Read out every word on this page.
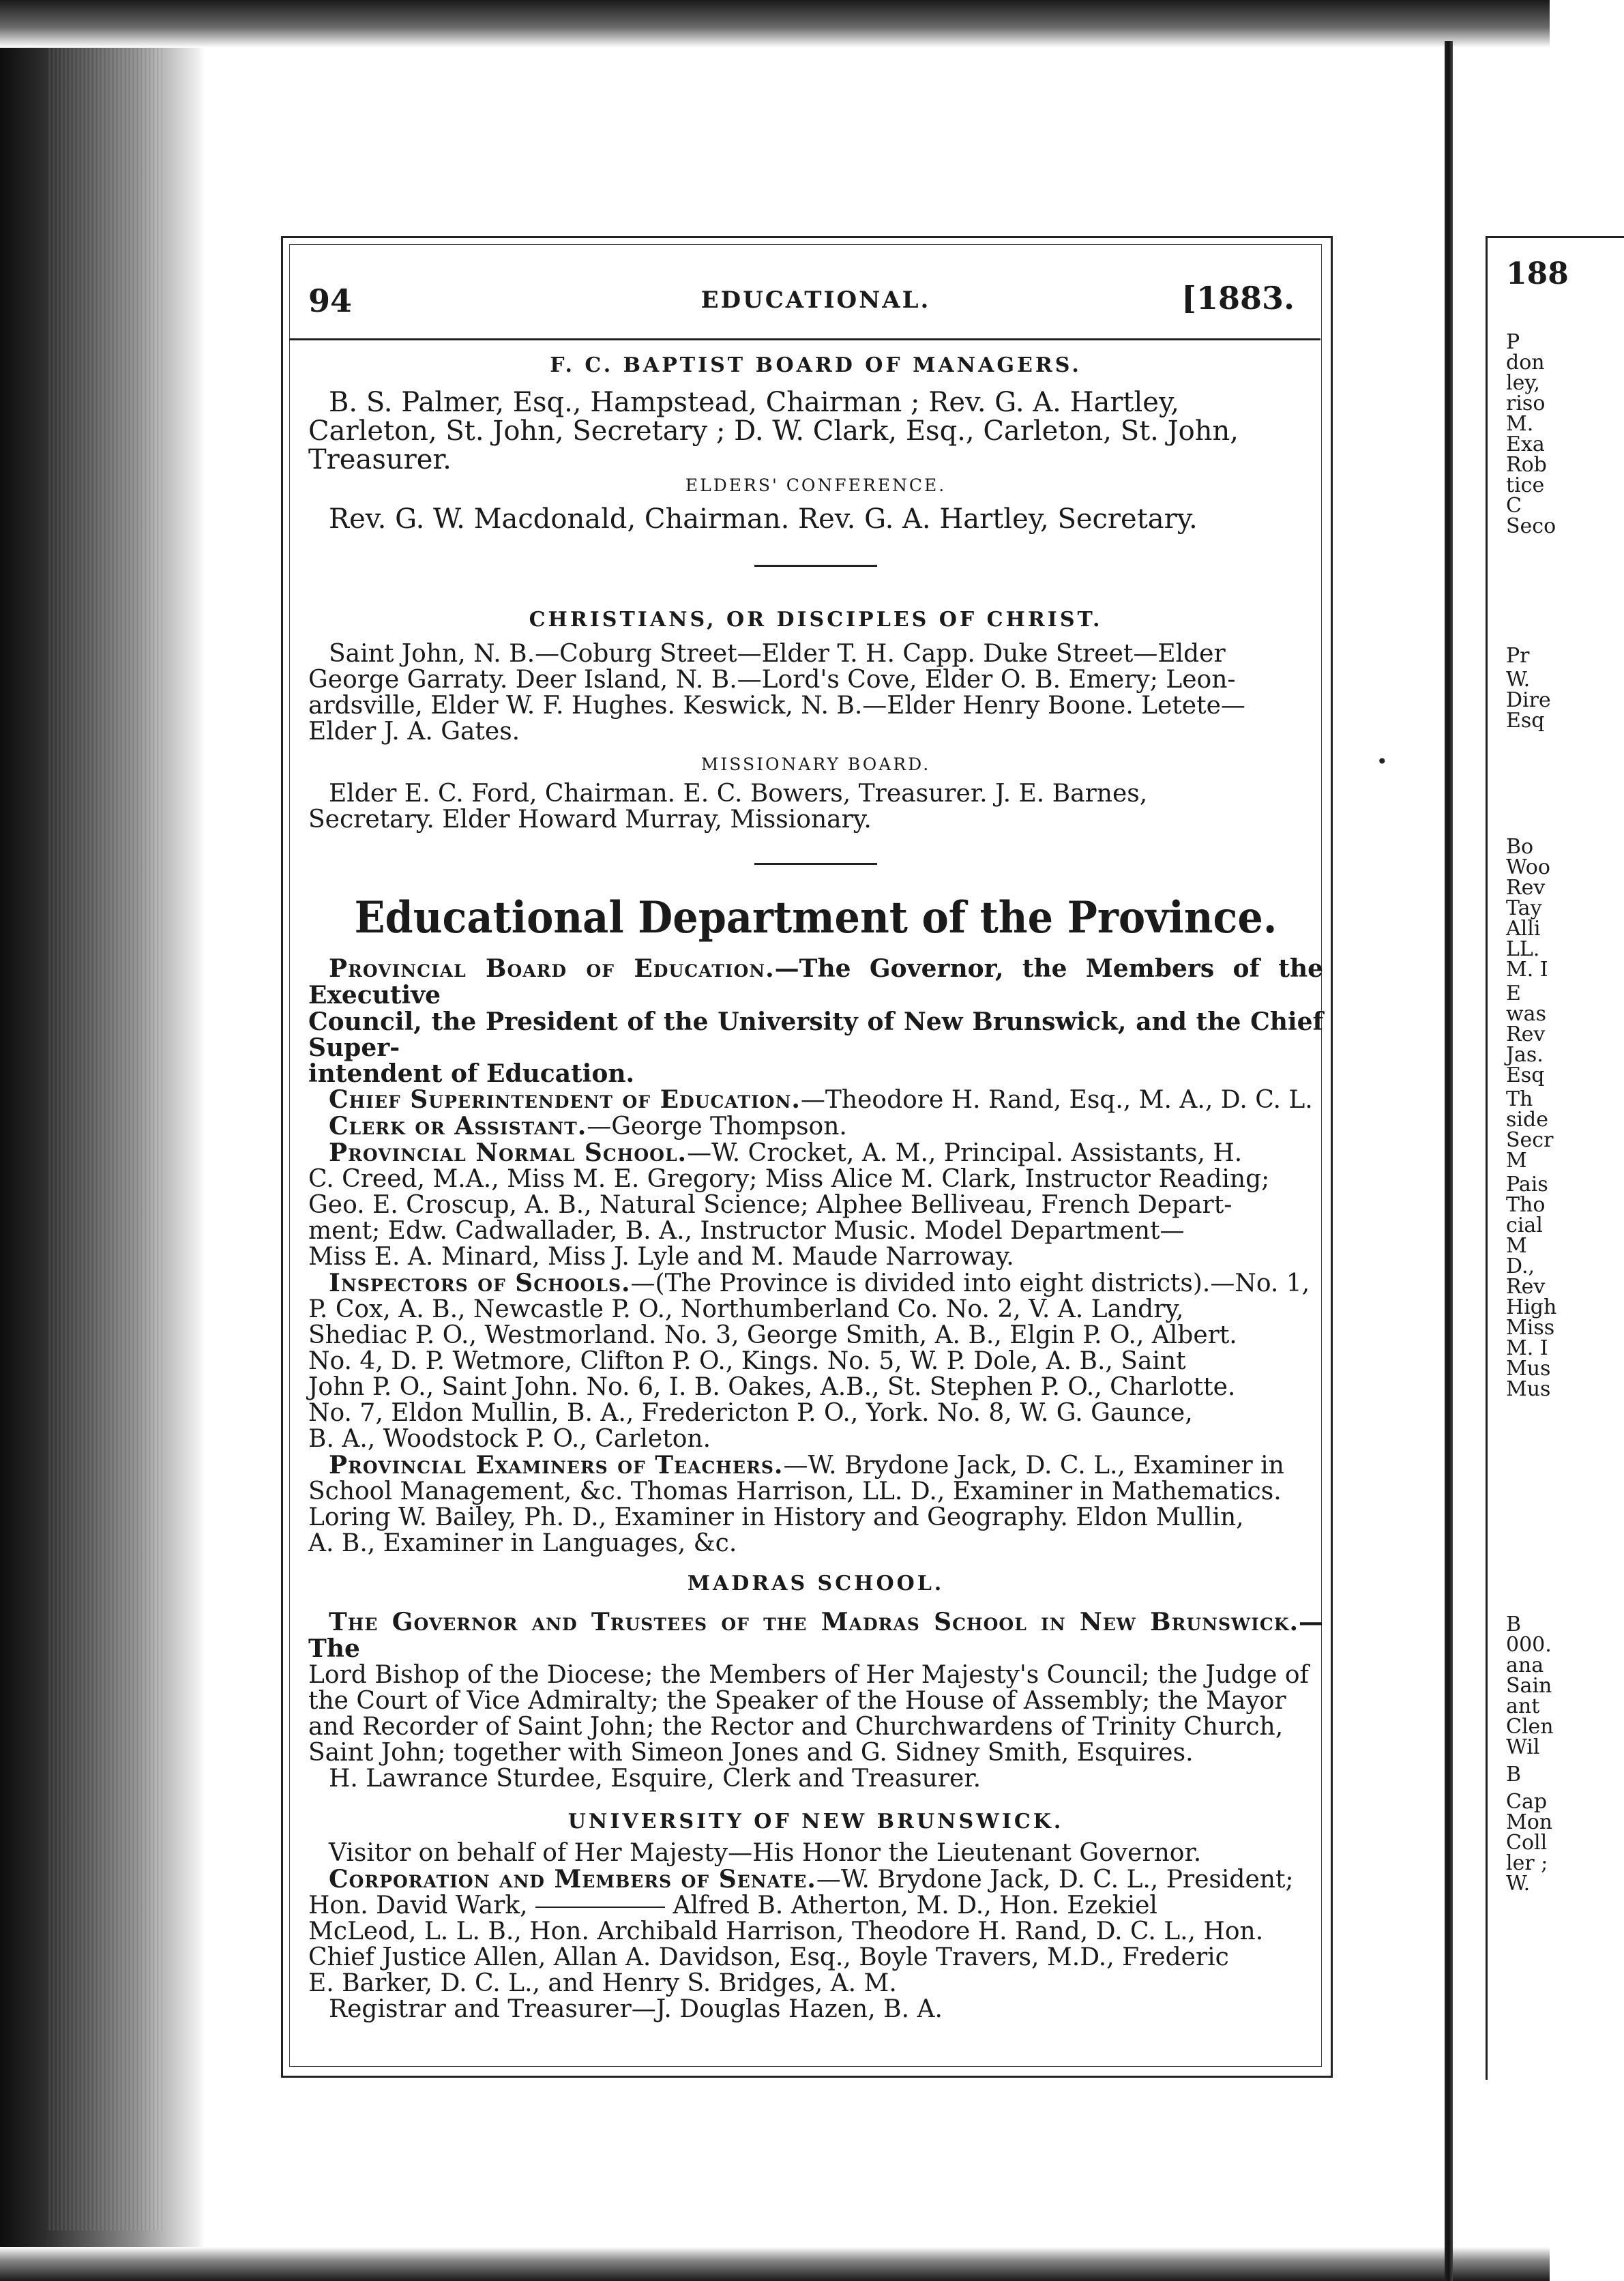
94	EDUCATIONAL.	[1883.

F. C. BAPTIST BOARD OF MANAGERS.

B. S. Palmer, Esq., Hampstead, Chairman ; Rev. G. A. Hartley,

Carleton, St. John, Secretary ; D. W. Clark, Esq., Carleton, St. John,

Treasurer.

ELDERS' CONFERENCE.

Rev. G. W. Macdonald, Chairman. Rev. G. A. Hartley, Secretary.

CHRISTIANS, OR DISCIPLES OF CHRIST.

Saint John, N. B.—Coburg Street—Elder T. H. Capp. Duke Street—Elder

George Garraty. Deer Island, N. B.—Lord's Cove, Elder O. B. Emery; Leon-

ardsville, Elder W. F. Hughes. Keswick, N. B.—Elder Henry Boone. Letete—

Elder J. A. Gates.

MISSIONARY BOARD.

Elder E. C. Ford, Chairman. E. C. Bowers, Treasurer. J. E. Barnes,

Secretary. Elder Howard Murray, Missionary.

Educational Department of the Province.

Provincial Board of Education.—The Governor, the Members of the Executive

Council, the President of the University of New Brunswick, and the Chief Super-

intendent of Education.

Chief Superintendent of Education.—Theodore H. Rand, Esq., M. A., D. C. L.

Clerk or Assistant.—George Thompson.

Provincial Normal School.—W. Crocket, A. M., Principal. Assistants, H.

C. Creed, M.A., Miss M. E. Gregory; Miss Alice M. Clark, Instructor Reading;

Geo. E. Croscup, A. B., Natural Science; Alphee Belliveau, French Depart-

ment; Edw. Cadwallader, B. A., Instructor Music. Model Department—

Miss E. A. Minard, Miss J. Lyle and M. Maude Narroway.

Inspectors of Schools.—(The Province is divided into eight districts).—No. 1,

P. Cox, A. B., Newcastle P. O., Northumberland Co. No. 2, V. A. Landry,

Shediac P. O., Westmorland. No. 3, George Smith, A. B., Elgin P. O., Albert.

No. 4, D. P. Wetmore, Clifton P. O., Kings. No. 5, W. P. Dole, A. B., Saint

John P. O., Saint John. No. 6, I. B. Oakes, A.B., St. Stephen P. O., Charlotte.

No. 7, Eldon Mullin, B. A., Fredericton P. O., York. No. 8, W. G. Gaunce,

B. A., Woodstock P. O., Carleton.

Provincial Examiners of Teachers.—W. Brydone Jack, D. C. L., Examiner in

School Management, &c. Thomas Harrison, LL. D., Examiner in Mathematics.

Loring W. Bailey, Ph. D., Examiner in History and Geography. Eldon Mullin,

A. B., Examiner in Languages, &c.

MADRAS SCHOOL.

The Governor and Trustees of the Madras School in New Brunswick.—The

Lord Bishop of the Diocese; the Members of Her Majesty's Council; the Judge of

the Court of Vice Admiralty; the Speaker of the House of Assembly; the Mayor

and Recorder of Saint John; the Rector and Churchwardens of Trinity Church,

Saint John; together with Simeon Jones and G. Sidney Smith, Esquires.

H. Lawrance Sturdee, Esquire, Clerk and Treasurer.

UNIVERSITY OF NEW BRUNSWICK.

Visitor on behalf of Her Majesty—His Honor the Lieutenant Governor.

Corporation and Members of Senate.—W. Brydone Jack, D. C. L., President;

Hon. David Wark,	Alfred B. Atherton, M. D., Hon. Ezekiel

McLeod, L. L. B., Hon. Archibald Harrison, Theodore H. Rand, D. C. L., Hon.

Chief Justice Allen, Allan A. Davidson, Esq., Boyle Travers, M.D., Frederic

E. Barker, D. C. L., and Henry S. Bridges, A. M.

Registrar and Treasurer—J. Douglas Hazen, B. A.

188
P
don
ley,
riso
M.
Exa
Rob
tice
C
Seco
Pr
W.
Dire
Esq
Bo
Woo
Rev
Tay
Alli
LL.
M. I
E
was
Rev
Jas.
Esq
Th
side
Secr
M
Pais
Tho
cial
M
D.,
Rev
High
Miss
M. I
Mus
Mus
B
000.
ana
Sain
ant
Clen
Wil
B
Cap
Mon
Coll
ler ;
W.
•
